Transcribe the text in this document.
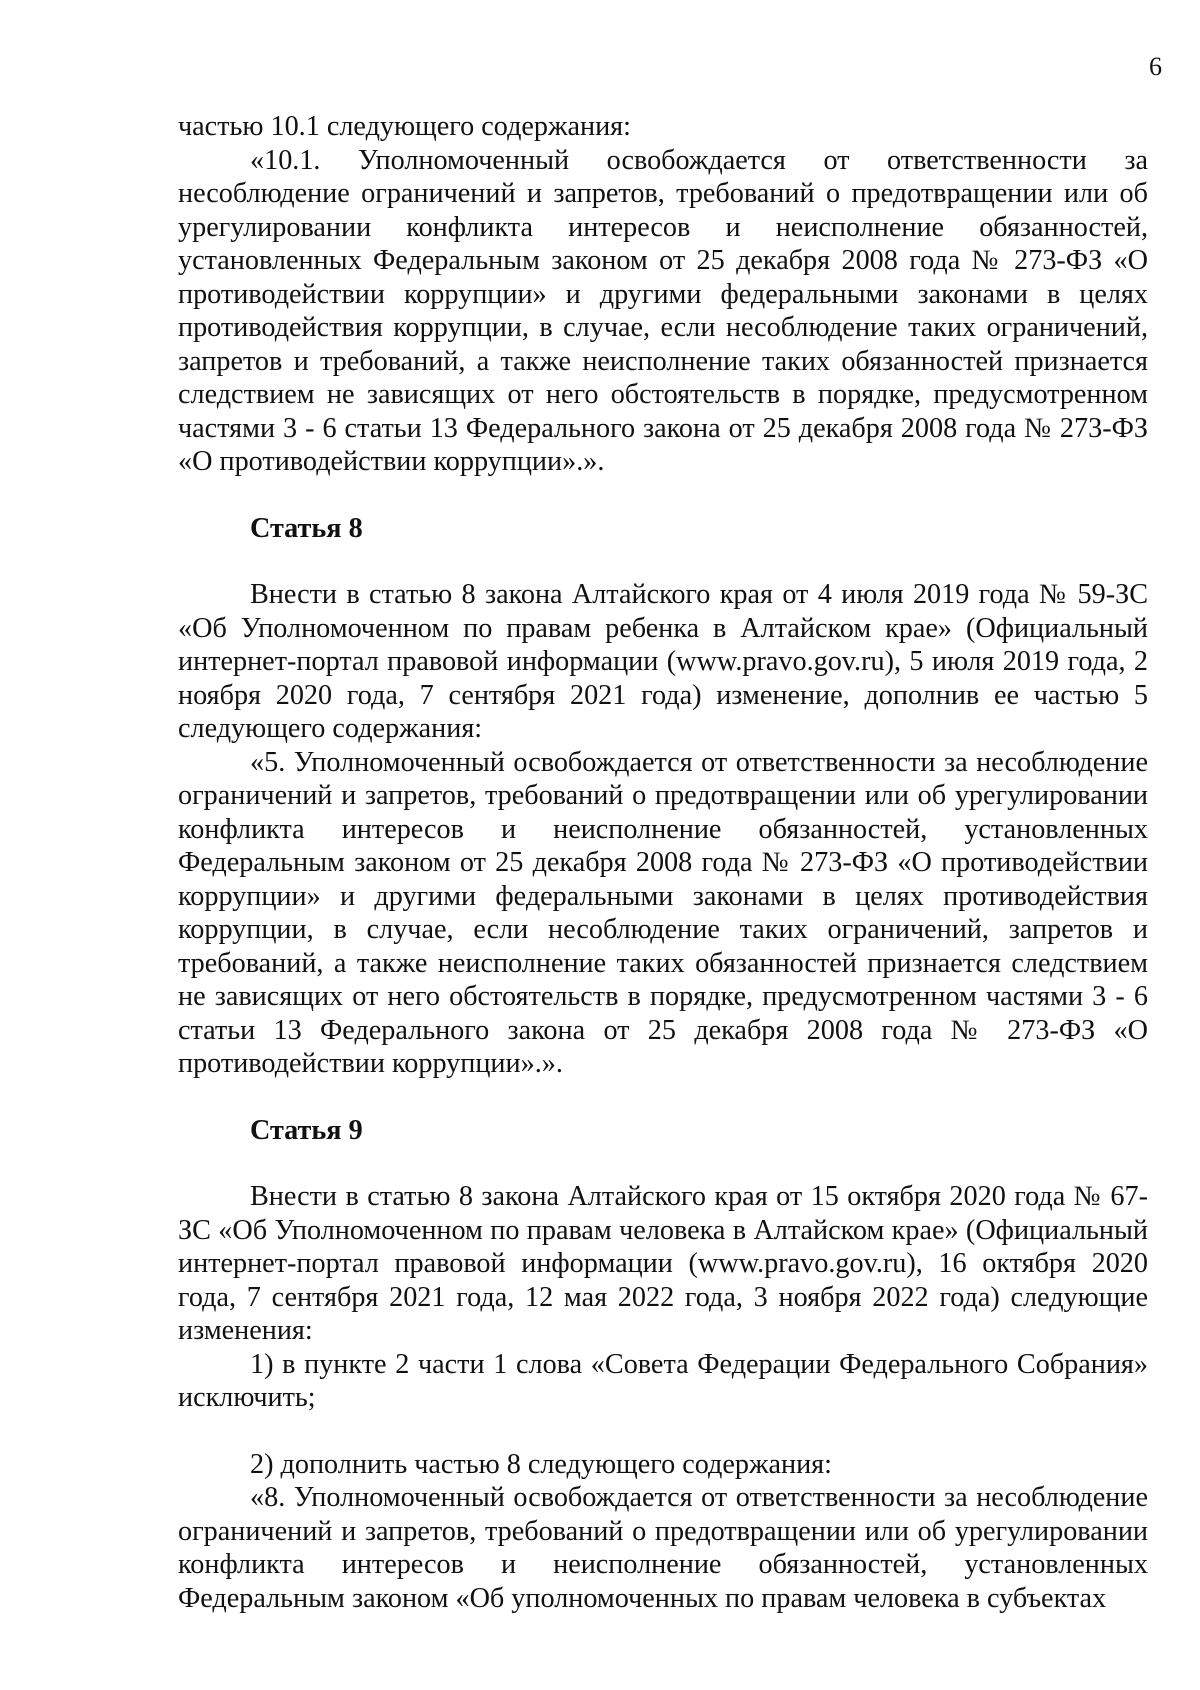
6

частью 10.1 следующего содержания:

«10.1. Уполномоченный освобождается от ответственности за несоблюдение ограничений и запретов, требований о предотвращении или об урегулировании конфликта интересов и неисполнение обязанностей, установленных Федеральным законом от 25 декабря 2008 года № 273-ФЗ «О противодействии коррупции» и другими федеральными законами в целях противодействия коррупции, в случае, если несоблюдение таких ограничений, запретов и требований, а также неисполнение таких обязанностей признается следствием не зависящих от него обстоятельств в порядке, предусмотренном частями 3 - 6 статьи 13 Федерального закона от 25 декабря 2008 года № 273-ФЗ «О противодействии коррупции».».

Статья 8

Внести в статью 8 закона Алтайского края от 4 июля 2019 года № 59-ЗС «Об Уполномоченном по правам ребенка в Алтайском крае» (Официальный интернет-портал правовой информации (www.pravo.gov.ru), 5 июля 2019 года, 2 ноября 2020 года, 7 сентября 2021 года) изменение, дополнив ее частью 5 следующего содержания:

«5. Уполномоченный освобождается от ответственности за несоблюдение ограничений и запретов, требований о предотвращении или об урегулировании конфликта интересов и неисполнение обязанностей, установленных Федеральным законом от 25 декабря 2008 года № 273-ФЗ «О противодействии коррупции» и другими федеральными законами в целях противодействия коррупции, в случае, если несоблюдение таких ограничений, запретов и требований, а также неисполнение таких обязанностей признается следствием не зависящих от него обстоятельств в порядке, предусмотренном частями 3 - 6 статьи 13 Федерального закона от 25 декабря 2008 года № 273-ФЗ «О противодействии коррупции».».

Статья 9

Внести в статью 8 закона Алтайского края от 15 октября 2020 года № 67-ЗС «Об Уполномоченном по правам человека в Алтайском крае» (Официальный интернет-портал правовой информации (www.pravo.gov.ru), 16 октября 2020 года, 7 сентября 2021 года, 12 мая 2022 года, 3 ноября 2022 года) следующие изменения:

1) в пункте 2 части 1 слова «Совета Федерации Федерального Собрания» исключить;

2) дополнить частью 8 следующего содержания:

«8. Уполномоченный освобождается от ответственности за несоблюдение ограничений и запретов, требований о предотвращении или об урегулировании конфликта интересов и неисполнение обязанностей, установленных Федеральным законом «Об уполномоченных по правам человека в субъектах
